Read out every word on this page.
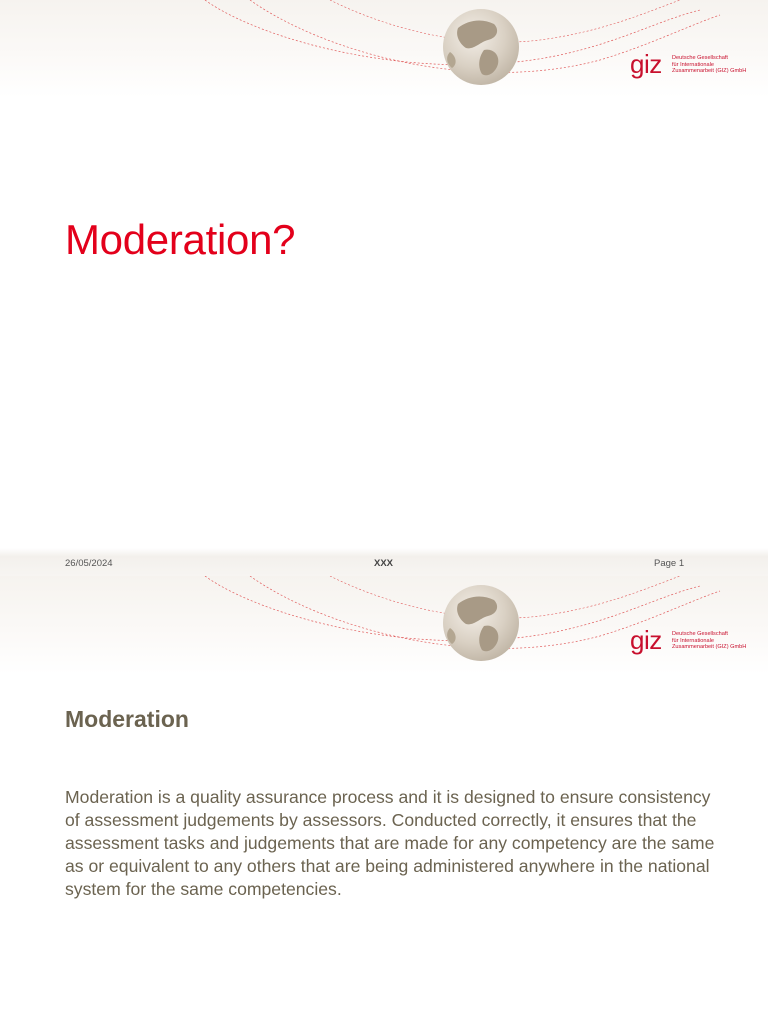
giz Deutsche Gesellschaft
für Internationale
Zusammenarbeit (GIZ) GmbH
Moderation?
26/05/2024	XXX	Page 1
giz Deutsche Gesellschaft
für Internationale
Zusammenarbeit (GIZ) GmbH
Moderation

Moderation is a quality assurance process and it is designed to ensure consistency of assessment judgements by assessors. Conducted correctly, it ensures that the assessment tasks and judgements that are made for any competency are the same as or equivalent to any others that are being administered anywhere in the national system for the same competencies.
